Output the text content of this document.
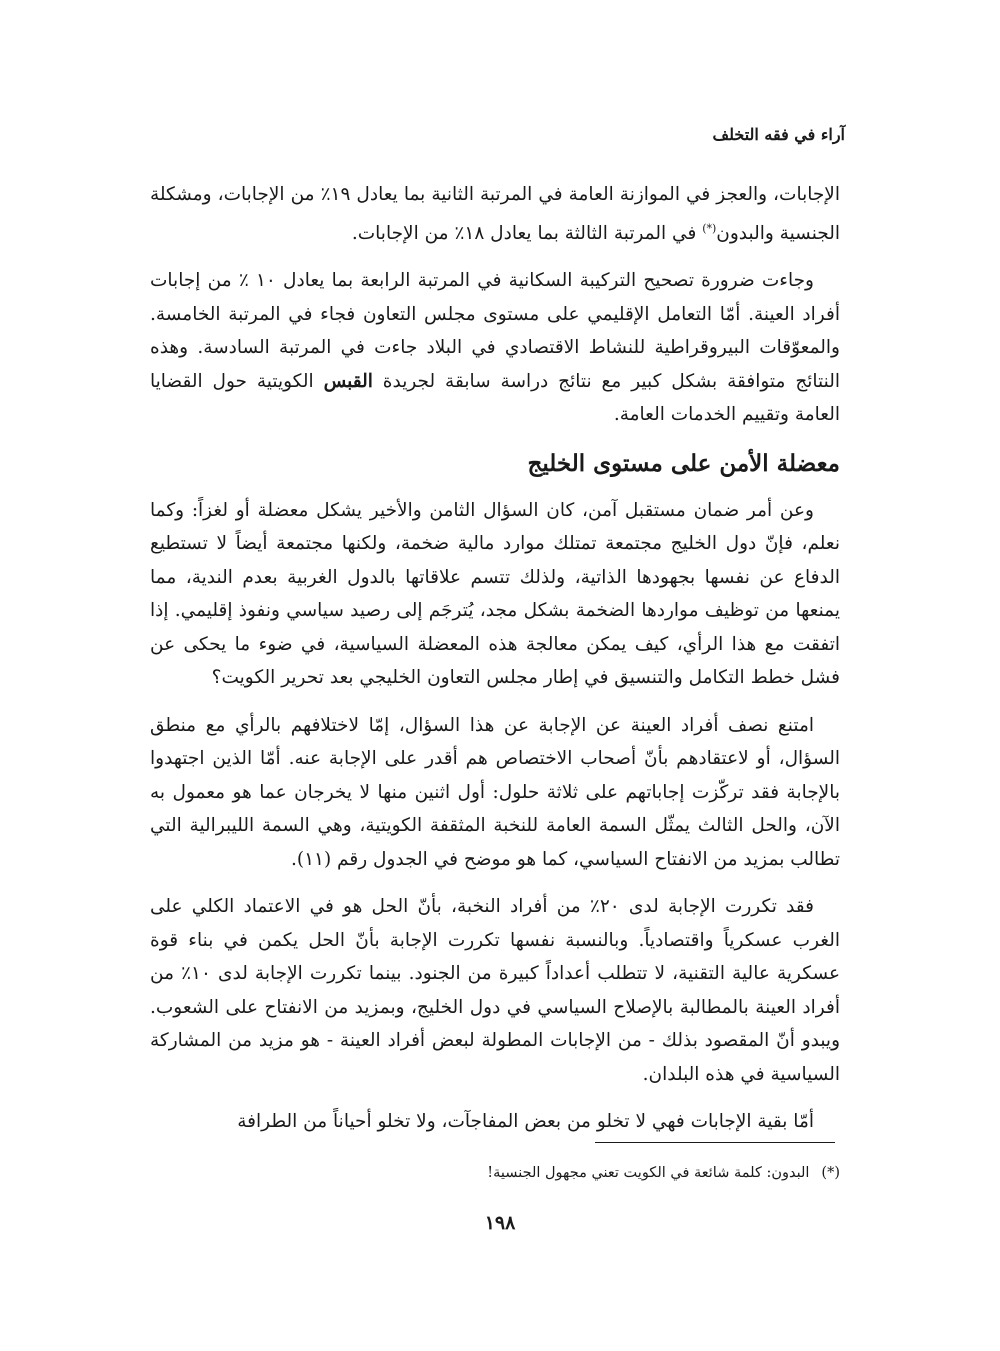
آراء في فقه التخلف

الإجابات، والعجز في الموازنة العامة في المرتبة الثانية بما يعادل ١٩٪ من الإجابات، ومشكلة الجنسية والبدون(*) في المرتبة الثالثة بما يعادل ١٨٪ من الإجابات.

وجاءت ضرورة تصحيح التركيبة السكانية في المرتبة الرابعة بما يعادل ١٠ ٪ من إجابات أفراد العينة. أمّا التعامل الإقليمي على مستوى مجلس التعاون فجاء في المرتبة الخامسة. والمعوّقات البيروقراطية للنشاط الاقتصادي في البلاد جاءت في المرتبة السادسة. وهذه النتائج متوافقة بشكل كبير مع نتائج دراسة سابقة لجريدة القبس الكويتية حول القضايا العامة وتقييم الخدمات العامة.

معضلة الأمن على مستوى الخليج

وعن أمر ضمان مستقبل آمن، كان السؤال الثامن والأخير يشكل معضلة أو لغزاً: وكما نعلم، فإنّ دول الخليج مجتمعة تمتلك موارد مالية ضخمة، ولكنها مجتمعة أيضاً لا تستطيع الدفاع عن نفسها بجهودها الذاتية، ولذلك تتسم علاقاتها بالدول الغربية بعدم الندية، مما يمنعها من توظيف مواردها الضخمة بشكل مجد، يُترجَم إلى رصيد سياسي ونفوذ إقليمي. إذا اتفقت مع هذا الرأي، كيف يمكن معالجة هذه المعضلة السياسية، في ضوء ما يحكى عن فشل خطط التكامل والتنسيق في إطار مجلس التعاون الخليجي بعد تحرير الكويت؟

امتنع نصف أفراد العينة عن الإجابة عن هذا السؤال، إمّا لاختلافهم بالرأي مع منطق السؤال، أو لاعتقادهم بأنّ أصحاب الاختصاص هم أقدر على الإجابة عنه. أمّا الذين اجتهدوا بالإجابة فقد تركّزت إجاباتهم على ثلاثة حلول: أول اثنين منها لا يخرجان عما هو معمول به الآن، والحل الثالث يمثّل السمة العامة للنخبة المثقفة الكويتية، وهي السمة الليبرالية التي تطالب بمزيد من الانفتاح السياسي، كما هو موضح في الجدول رقم (١١).

فقد تكررت الإجابة لدى ٢٠٪ من أفراد النخبة، بأنّ الحل هو في الاعتماد الكلي على الغرب عسكرياً واقتصادياً. وبالنسبة نفسها تكررت الإجابة بأنّ الحل يكمن في بناء قوة عسكرية عالية التقنية، لا تتطلب أعداداً كبيرة من الجنود. بينما تكررت الإجابة لدى ١٠٪ من أفراد العينة بالمطالبة بالإصلاح السياسي في دول الخليج، وبمزيد من الانفتاح على الشعوب. ويبدو أنّ المقصود بذلك - من الإجابات المطولة لبعض أفراد العينة - هو مزيد من المشاركة السياسية في هذه البلدان.

أمّا بقية الإجابات فهي لا تخلو من بعض المفاجآت، ولا تخلو أحياناً من الطرافة

(*)البدون: كلمة شائعة في الكويت تعني مجهول الجنسية!
١٩٨
